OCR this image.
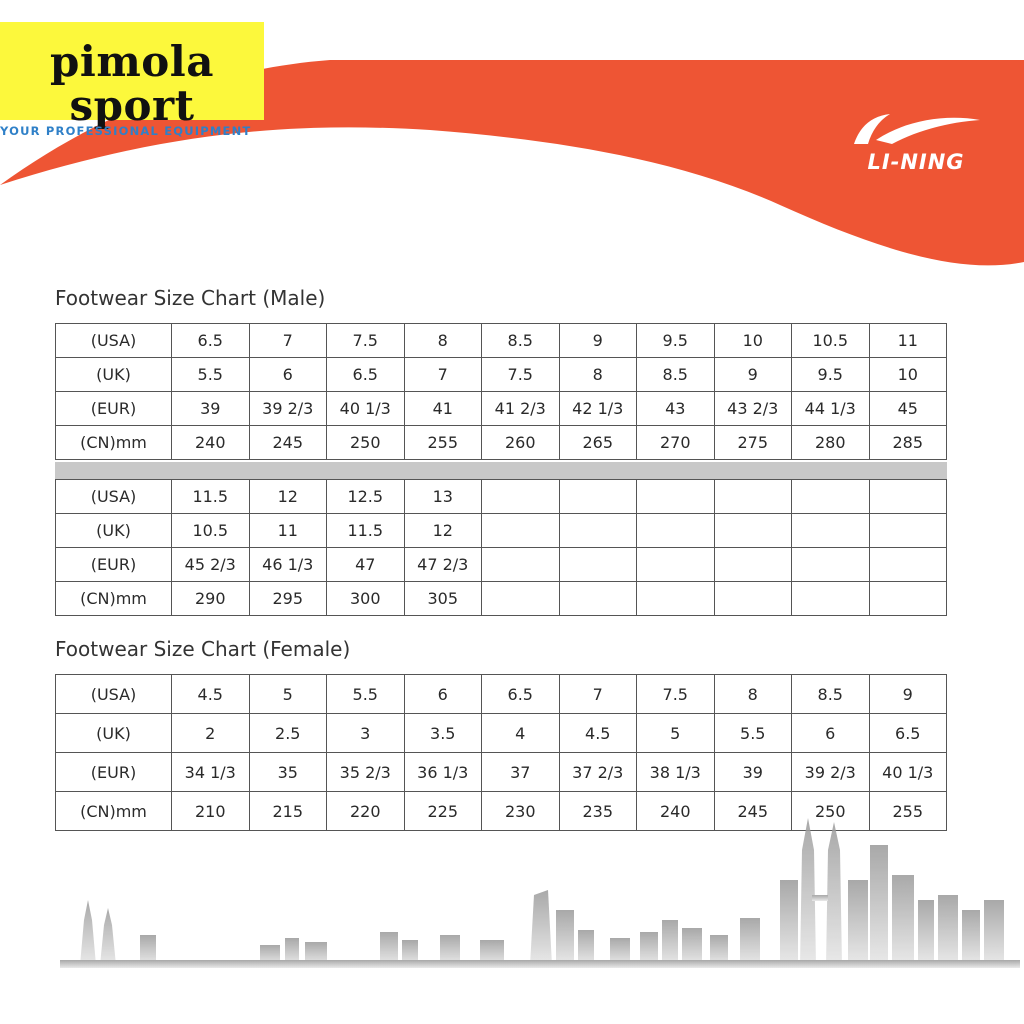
pimola
sport
YOUR PROFESSIONAL EQUIPMENT
LI-NING
Footwear Size Chart (Male)
(USA)	6.5	7	7.5	8	8.5	9	9.5	10	10.5	11
(UK)	5.5	6	6.5	7	7.5	8	8.5	9	9.5	10
(EUR)	39	39 2/3	40 1/3	41	41 2/3	42 1/3	43	43 2/3	44 1/3	45
(CN)mm	240	245	250	255	260	265	270	275	280	285
(USA)	11.5	12	12.5	13						
(UK)	10.5	11	11.5	12						
(EUR)	45 2/3	46 1/3	47	47 2/3						
(CN)mm	290	295	300	305						
Footwear Size Chart (Female)
(USA)	4.5	5	5.5	6	6.5	7	7.5	8	8.5	9
(UK)	2	2.5	3	3.5	4	4.5	5	5.5	6	6.5
(EUR)	34 1/3	35	35 2/3	36 1/3	37	37 2/3	38 1/3	39	39 2/3	40 1/3
(CN)mm	210	215	220	225	230	235	240	245	250	255
